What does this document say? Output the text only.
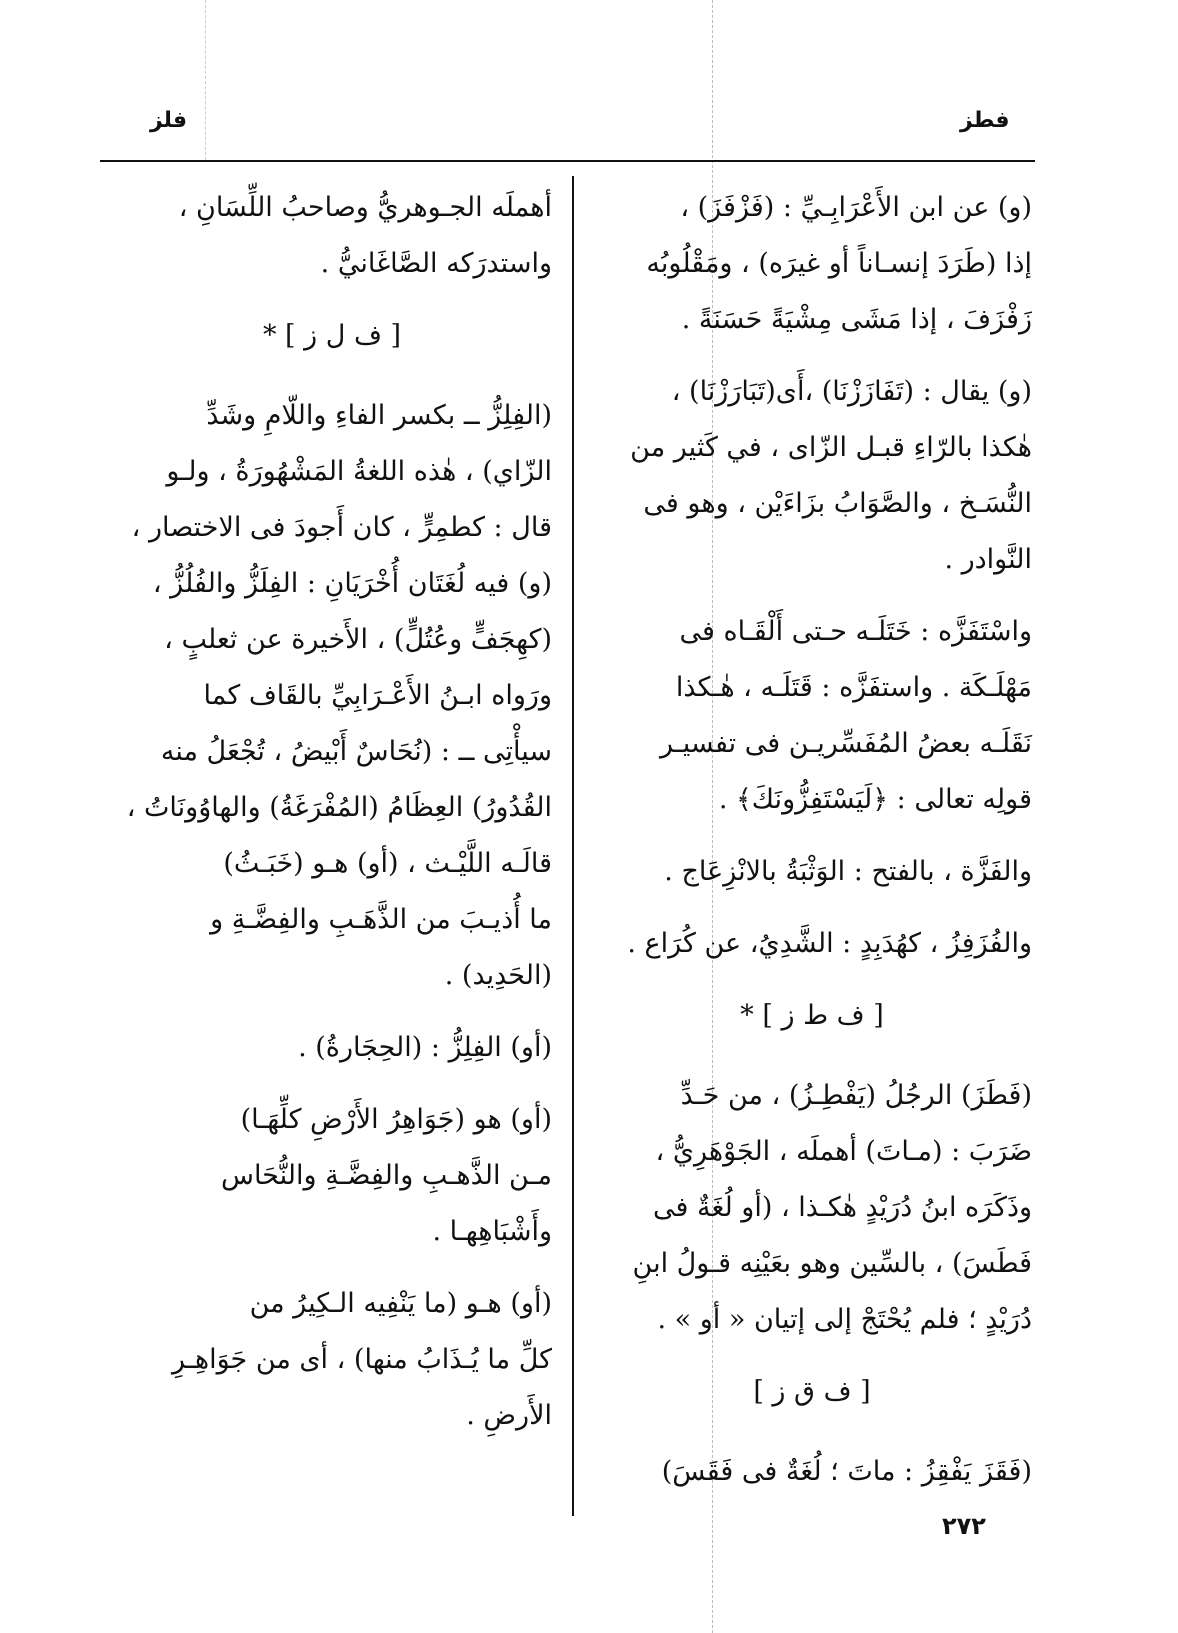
فطز
فلز
(و) عن ابن الأَعْرَابِـيِّ : (فَزْفَزَ) ،
إذا (طَرَدَ إنسـاناً أو غيرَه) ، ومَقْلُوبُه
زَفْزَفَ ، إذا مَشَى مِشْيَةً حَسَنَةً .
(و) يقال : (تَفَازَزْنَا) ،أَى(تَبَارَزْنَا) ،
هٰكذا بالرّاءِ قبـل الزّاى ، في كَثير من
النُّسَـخ ، والصَّوَابُ بزَاءَيْن ، وهو فى
النَّوادر .
واسْتَفَزَّه : خَتَلَـه حـتى أَلْقَـاه فى
مَهْلَـكَة . واستفَزَّه : قَتَلَـه ، هٰـكذا
نَقَلَـه بعضُ المُفَسِّريـن فى تفسيـر
قولِه تعالى : ﴿لَيَسْتَفِزُّونَكَ﴾ .
والفَزَّة ، بالفتح : الوَثْبَةُ بالانْزِعَاج .
والفُزَفِزُ ، كهُدَبِدٍ : الشَّدِيُ، عن كُرَاع .
[ ف ط ز ] *
(فَطَزَ) الرجُلُ (يَفْطِـزُ) ، من حَـدِّ
ضَرَبَ : (مـاتَ) أهملَه ، الجَوْهَرِيُّ ،
وذَكَرَه ابنُ دُرَيْدٍ هٰكـذا ، (أو لُغَةٌ فى
فَطَسَ) ، بالسِّين وهو بعَيْنِه قـولُ ابنِ
دُرَيْدٍ ؛ فلم يُحْتَجْ إلى إتيان « أو » .
[ ف ق ز ]
(فَقَزَ يَفْقِزُ : ماتَ ؛ لُغَةٌ فى فَقَسَ)
أهملَه الجـوهريُّ وصاحبُ اللِّسَانِ ،
واستدرَكه الصَّاغَانيُّ .
[ ف ل ز ] *
(الفِلِزُّ ــ بكسر الفاءِ واللّامِ وشَدِّ
الزّاي) ، هٰذه اللغةُ المَشْهُورَةُ ، ولـو
قال : كطمِرٍّ ، كان أَجودَ فى الاختصار ،
(و) فيه لُغَتَان أُخْرَيَانِ : الفِلَزُّ والفُلُزُّ ،
(كهِجَفٍّ وعُتُلٍّ) ، الأَخيرة عن ثعلبٍ ،
ورَواه ابـنُ الأَعْـرَابِيِّ بالقَاف كما
سيأْتِى ــ : (نُحَاسٌ أَبْيضُ ، تُجْعَلُ منه
القُدُورُ) العِظَامُ (المُفْرَغَةُ) والهاوُونَاتُ ،
قالَـه اللَّيْـث ، (أو) هـو (خَبَـثُ)
ما أُذيـبَ من الذَّهَـبِ والفِضَّـةِ و
(الحَدِيد) .
(أو) الفِلِزُّ : (الحِجَارةُ) .
(أو) هو (جَوَاهِرُ الأَرْضِ كلِّهَـا)
مـن الذَّهـبِ والفِضَّـةِ والنُّحَاس
وأَشْبَاهِهـا .
(أو) هـو (ما يَنْفِيه الـكِيرُ من
كلِّ ما يُـذَابُ منها) ، أى من جَوَاهِـرِ
الأَرضِ .
٢٧٢
